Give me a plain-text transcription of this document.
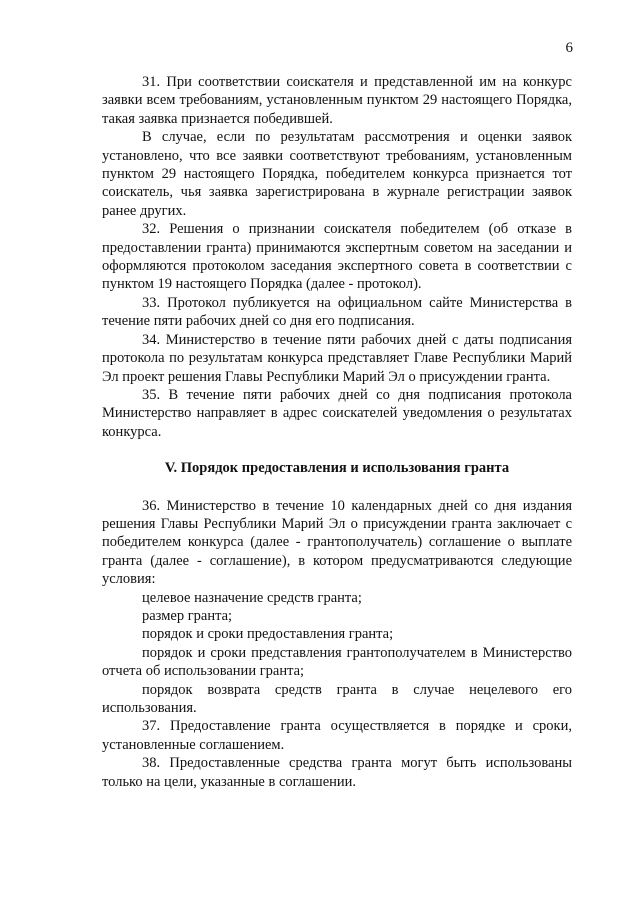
6

31. При соответствии соискателя и представленной им на конкурс заявки всем требованиям, установленным пунктом 29 настоящего Порядка, такая заявка признается победившей.

В случае, если по результатам рассмотрения и оценки заявок установлено, что все заявки соответствуют требованиям, установленным пунктом 29 настоящего Порядка, победителем конкурса признается тот соискатель, чья заявка зарегистрирована в журнале регистрации заявок ранее других.

32. Решения о признании соискателя победителем (об отказе в предоставлении гранта) принимаются экспертным советом на заседании и оформляются протоколом заседания экспертного совета в соответствии с пунктом 19 настоящего Порядка (далее - протокол).

33. Протокол публикуется на официальном сайте Министерства в течение пяти рабочих дней со дня его подписания.

34. Министерство в течение пяти рабочих дней с даты подписания протокола по результатам конкурса представляет Главе Республики Марий Эл проект решения Главы Республики Марий Эл о присуждении гранта.

35. В течение пяти рабочих дней со дня подписания протокола Министерство направляет в адрес соискателей уведомления о результатах конкурса.

V. Порядок предоставления и использования гранта

36. Министерство в течение 10 календарных дней со дня издания решения Главы Республики Марий Эл о присуждении гранта заключает с победителем конкурса (далее - грантополучатель) соглашение о выплате гранта (далее - соглашение), в котором предусматриваются следующие условия:

целевое назначение средств гранта;

размер гранта;

порядок и сроки предоставления гранта;

порядок и сроки представления грантополучателем в Министерство отчета об использовании гранта;

порядок возврата средств гранта в случае нецелевого его использования.

37. Предоставление гранта осуществляется в порядке и сроки, установленные соглашением.

38. Предоставленные средства гранта могут быть использованы только на цели, указанные в соглашении.
